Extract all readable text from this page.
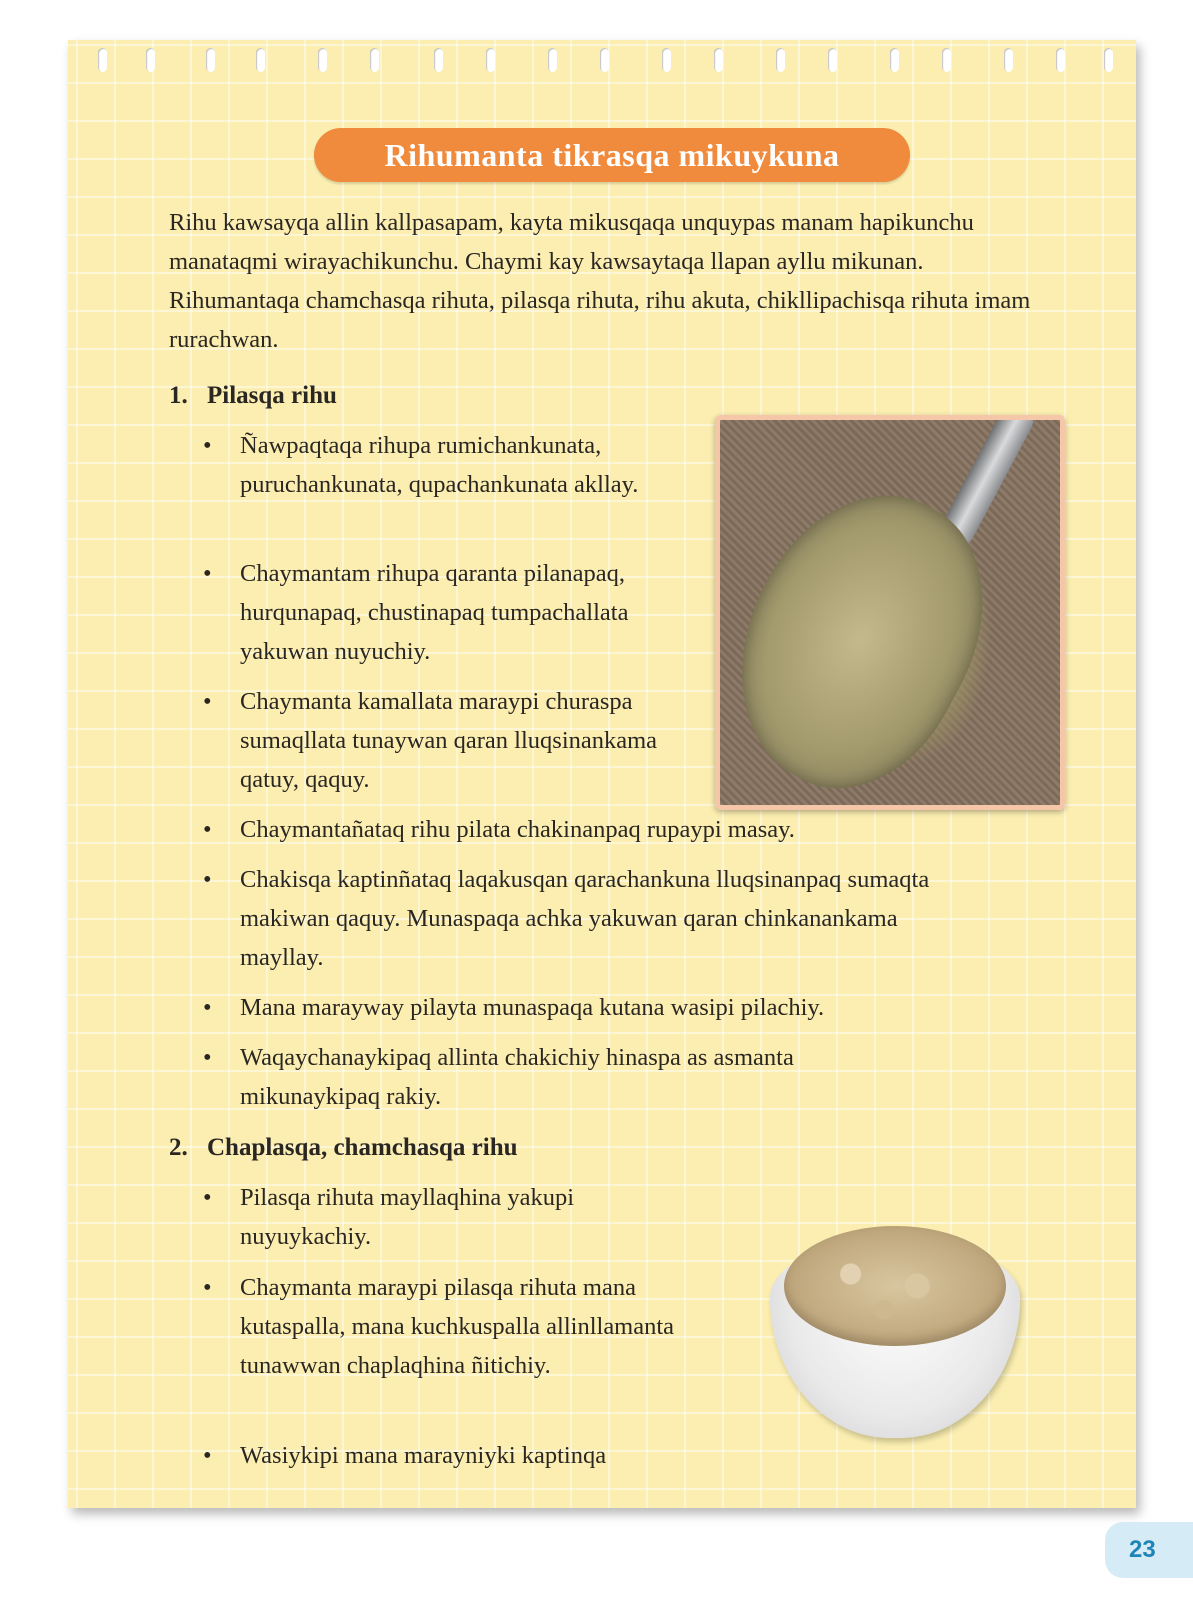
Rihumanta tikrasqa mikuykuna

Rihu kawsayqa allin kallpasapam, kayta mikusqaqa unquypas manam hapikunchu manataqmi wirayachikunchu. Chaymi kay kawsaytaqa llapan ayllu mikunan. Rihumantaqa chamchasqa rihuta, pilasqa rihuta, rihu akuta, chikllipachisqa rihuta imam rurachwan.

1. Pilasqa rihu

• Ñawpaqtaqa rihupa rumichankunata, puruchankunata, qupachankunata akllay.

• Chaymantam rihupa qaranta pilanapaq, hurqunapaq, chustinapaq tumpachallata yakuwan nuyuchiy.

• Chaymanta kamallata maraypi churaspa sumaqllata tunaywan qaran lluqsinankama qatuy, qaquy.

• Chaymantañataq rihu pilata chakinanpaq rupaypi masay.

• Chakisqa kaptinñataq laqakusqan qarachankuna lluqsinanpaq sumaqta makiwan qaquy. Munaspaqa achka yakuwan qaran chinkanankama mayllay.

• Mana marayway pilayta munaspaqa kutana wasipi pilachiy.

• Waqaychanaykipaq allinta chakichiy hinaspa as asmanta mikunaykipaq rakiy.

2. Chaplasqa, chamchasqa rihu

• Pilasqa rihuta mayllaqhina yakupi nuyuykachiy.

• Chaymanta maraypi pilasqa rihuta mana kutaspalla, mana kuchkuspalla allinllamanta tunawwan chaplaqhina ñitichiy.

• Wasiykipi mana marayniyki kaptinqa

23
